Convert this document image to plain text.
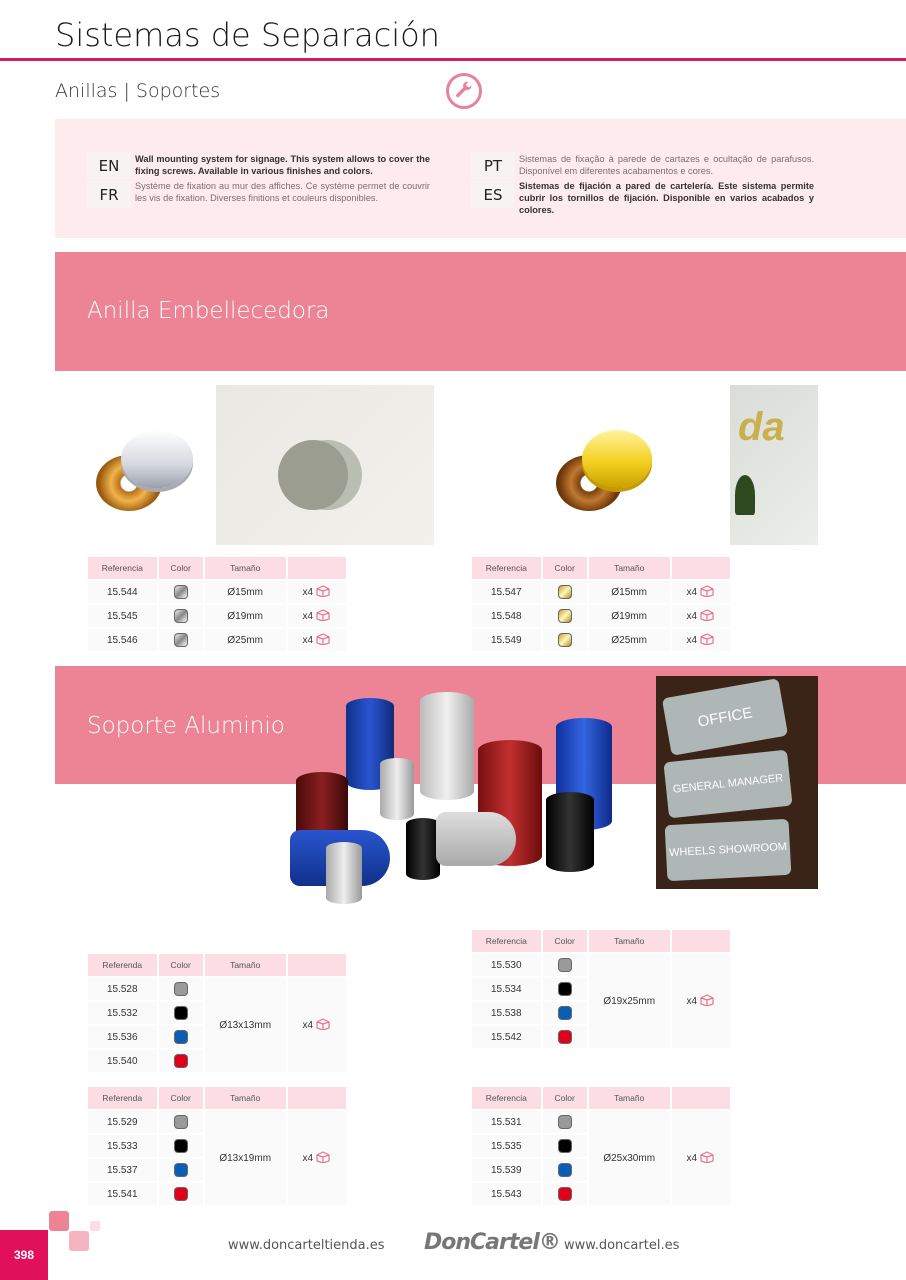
Sistemas de Separación
Anillas | Soportes
EN
FR

Wall mounting system for signage. This system allows to cover the fixing screws. Available in various finishes and colors.

Système de fixation au mur des affiches. Ce système permet de couvrir les vis de fixation. Diverses finitions et couleurs disponibles.

PT
ES

Sistemas de fixação à parede de cartazes e ocultação de parafusos. Disponível em diferentes acabamentos e cores.

Sistemas de fijación a pared de cartelería. Este sistema permite cubrir los tornillos de fijación. Disponible en varios acabados y colores.

Anilla Embellecedora
da
Referencia	Color	Tamaño	
15.544		Ø15mm	x4
15.545		Ø19mm	x4
15.546		Ø25mm	x4
Referencia	Color	Tamaño	
15.547		Ø15mm	x4
15.548		Ø19mm	x4
15.549		Ø25mm	x4
Soporte Aluminio	OFFICE
GENERAL MANAGER
WHEELS SHOWROOM
Referenda	Color	Tamaño	
15.528		Ø13x13mm	x4
15.532			
15.536			
15.540			
Referencia	Color	Tamaño	
15.530		Ø19x25mm	x4
15.534			
15.538			
15.542			
Referenda	Color	Tamaño	
15.529		Ø13x19mm	x4
15.533			
15.537			
15.541			
Referencia	Color	Tamaño	
15.531		Ø25x30mm	x4
15.535			
15.539			
15.543			
398
www.doncarteltienda.es DonCartel® www.doncartel.es
